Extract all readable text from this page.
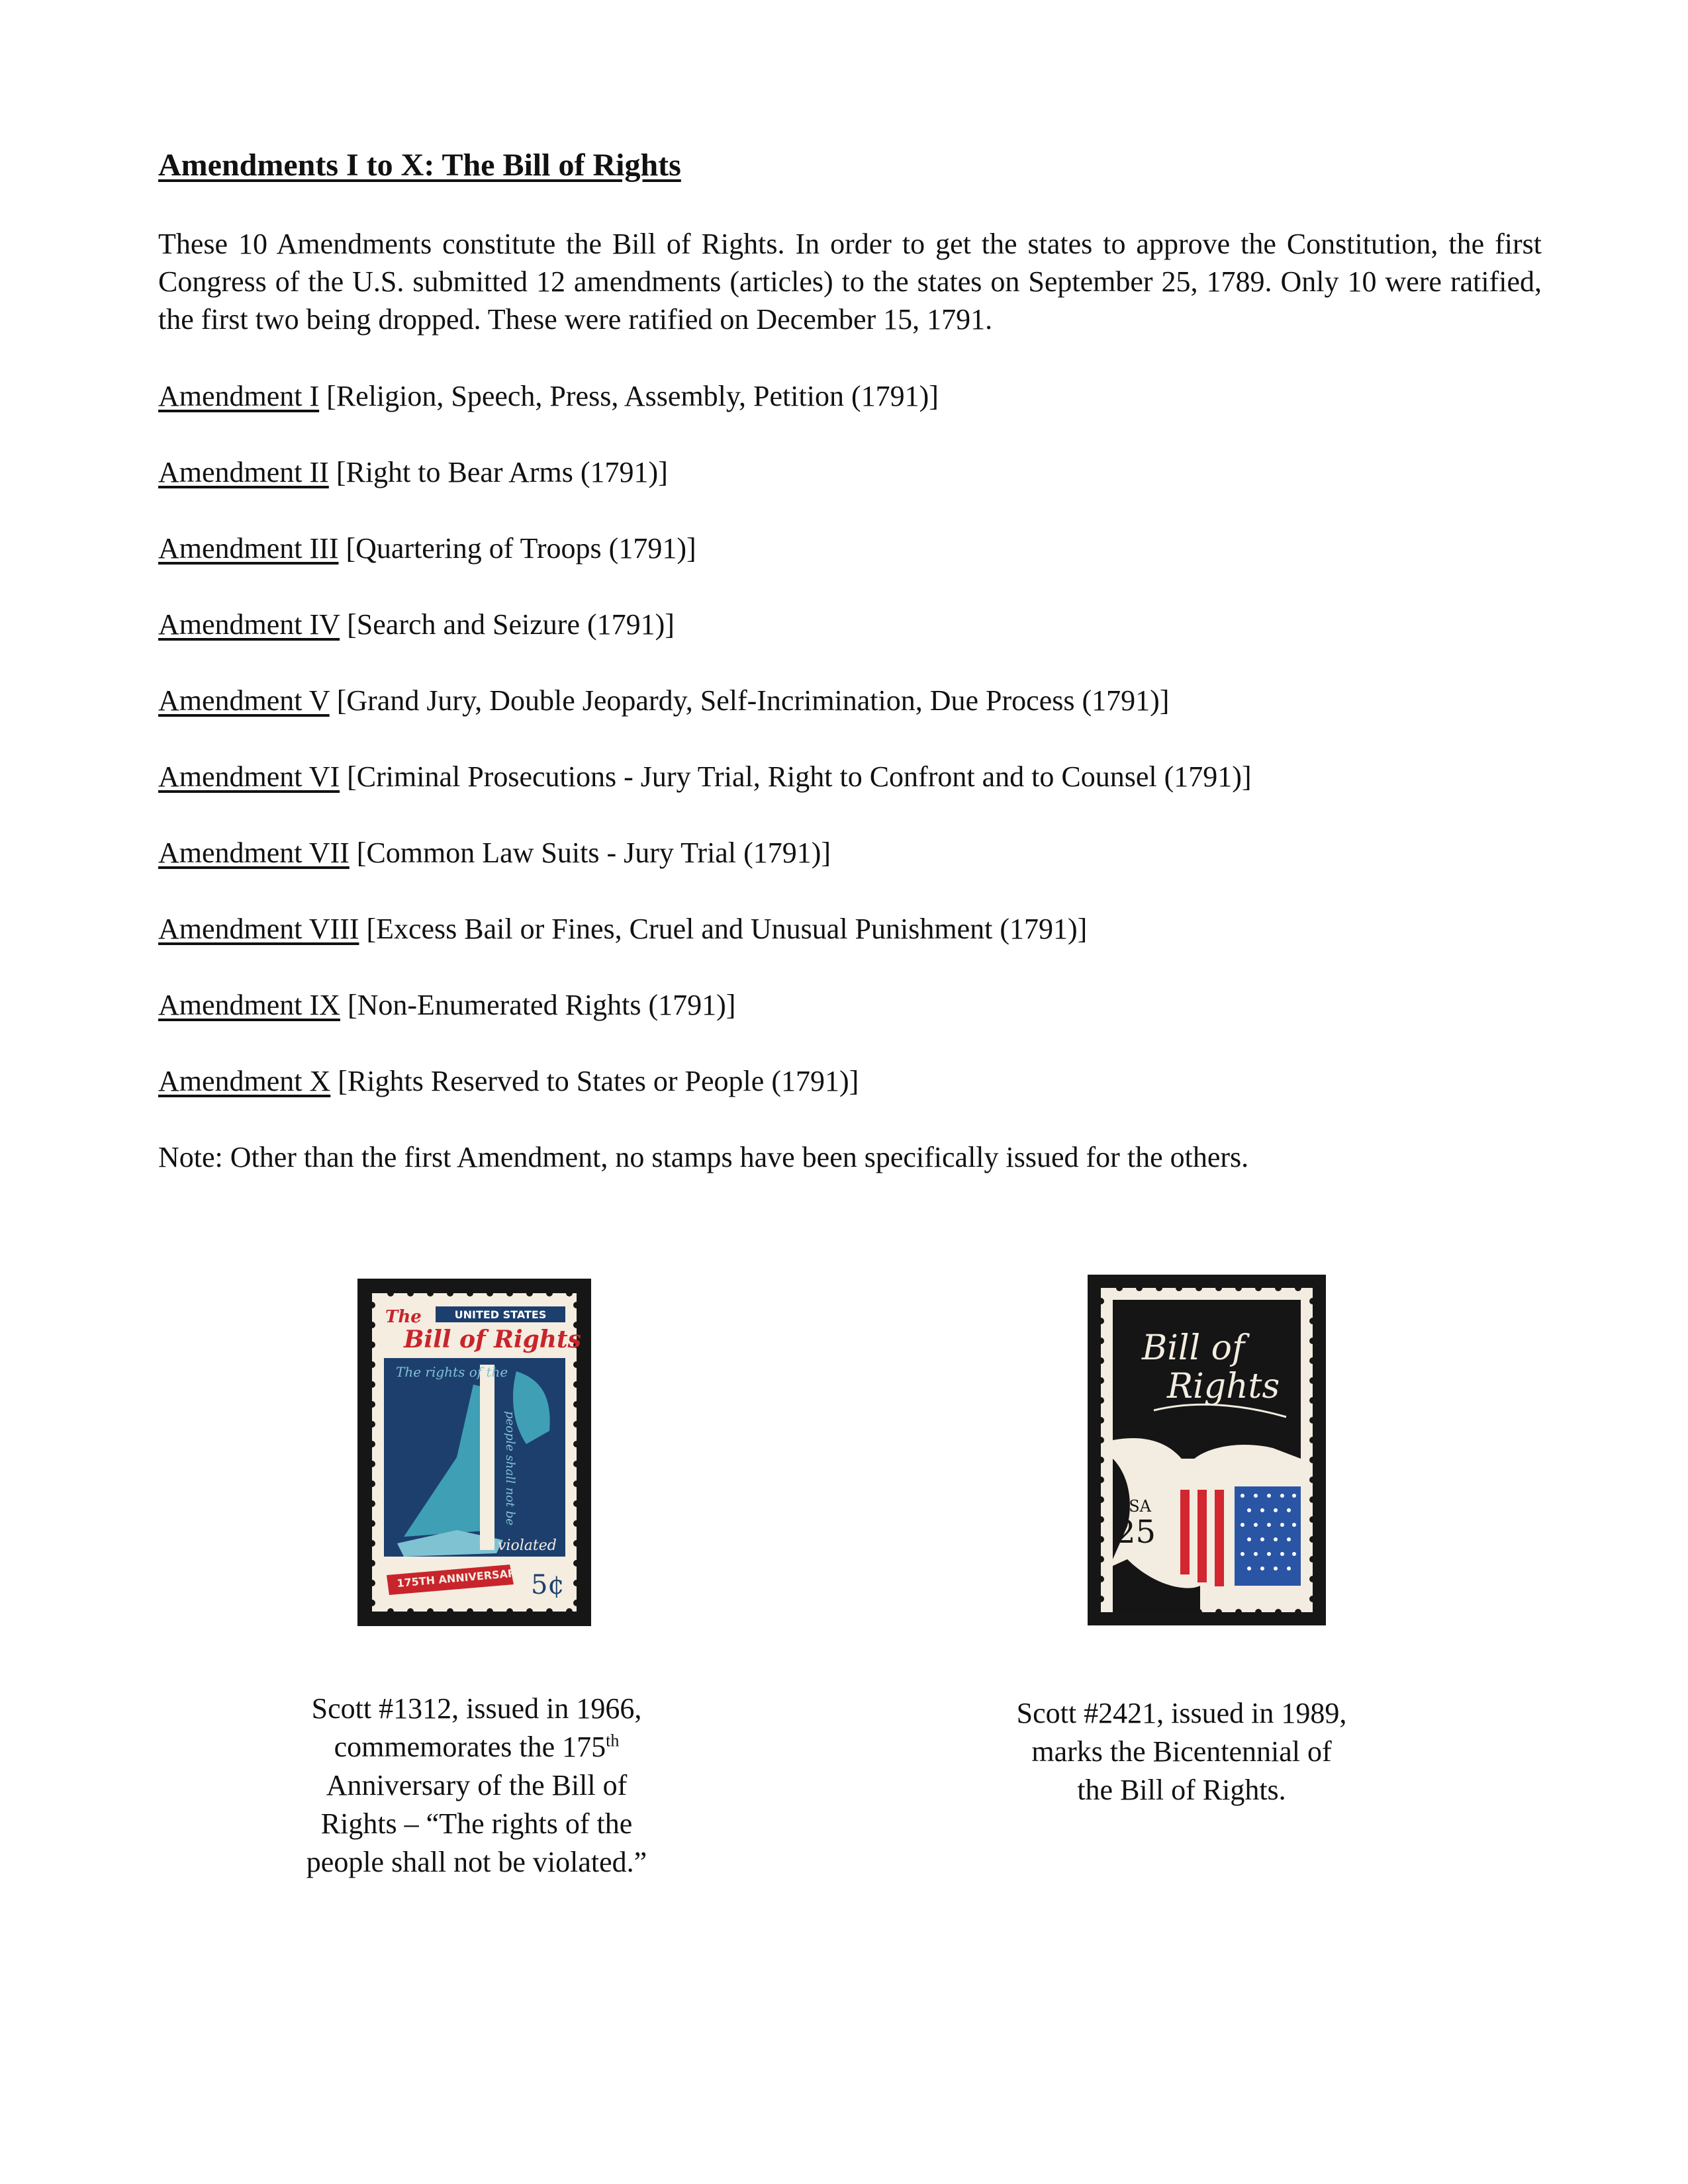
Amendments I to X: The Bill of Rights

These 10 Amendments constitute the Bill of Rights. In order to get the states to approve the Constitution, the first Congress of the U.S. submitted 12 amendments (articles) to the states on September 25, 1789. Only 10 were ratified, the first two being dropped. These were ratified on December 15, 1791.

Amendment I [Religion, Speech, Press, Assembly, Petition (1791)]
Amendment II [Right to Bear Arms (1791)]
Amendment III [Quartering of Troops (1791)]
Amendment IV [Search and Seizure (1791)]
Amendment V [Grand Jury, Double Jeopardy, Self-Incrimination, Due Process (1791)]
Amendment VI [Criminal Prosecutions - Jury Trial, Right to Confront and to Counsel (1791)]
Amendment VII [Common Law Suits - Jury Trial (1791)]
Amendment VIII [Excess Bail or Fines, Cruel and Unusual Punishment (1791)]
Amendment IX [Non-Enumerated Rights (1791)]
Amendment X [Rights Reserved to States or People (1791)]

Note: Other than the first Amendment, no stamps have been specifically issued for the others.

UNITED STATES
The
Bill of Rights
The rights of the
people shall not be
violated
175TH ANNIVERSARY 5¢
Bill of
Rights
USA
25

Scott #1312, issued in 1966,
commemorates the 175th
Anniversary of the Bill of
Rights – “The rights of the
people shall not be violated.”

Scott #2421, issued in 1989,
marks the Bicentennial of
the Bill of Rights.
